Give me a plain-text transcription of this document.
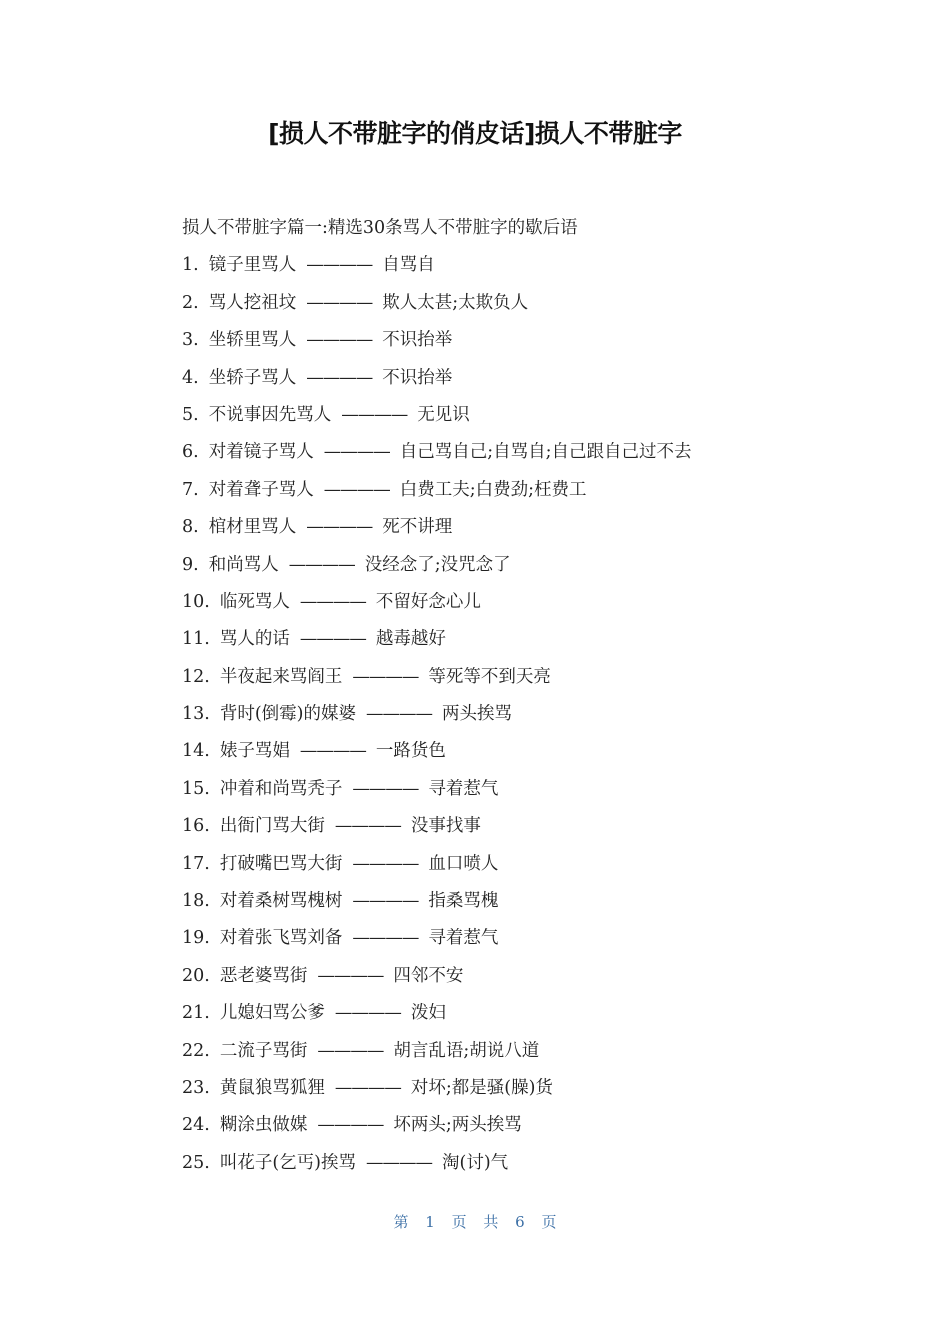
[损人不带脏字的俏皮话]损人不带脏字
损人不带脏字篇一:精选30条骂人不带脏字的歇后语
1. 镜子里骂人 ———— 自骂自
2. 骂人挖祖坟 ———— 欺人太甚;太欺负人
3. 坐轿里骂人 ———— 不识抬举
4. 坐轿子骂人 ———— 不识抬举
5. 不说事因先骂人 ———— 无见识
6. 对着镜子骂人 ———— 自己骂自己;自骂自;自己跟自己过不去
7. 对着聋子骂人 ———— 白费工夫;白费劲;枉费工
8. 棺材里骂人 ———— 死不讲理
9. 和尚骂人 ———— 没经念了;没咒念了
10. 临死骂人 ———— 不留好念心儿
11. 骂人的话 ———— 越毒越好
12. 半夜起来骂阎王 ———— 等死等不到天亮
13. 背时(倒霉)的媒婆 ———— 两头挨骂
14. 婊子骂娼 ———— 一路货色
15. 冲着和尚骂秃子 ———— 寻着惹气
16. 出衙门骂大街 ———— 没事找事
17. 打破嘴巴骂大街 ———— 血口喷人
18. 对着桑树骂槐树 ———— 指桑骂槐
19. 对着张飞骂刘备 ———— 寻着惹气
20. 恶老婆骂街 ———— 四邻不安
21. 儿媳妇骂公爹 ———— 泼妇
22. 二流子骂街 ———— 胡言乱语;胡说八道
23. 黄鼠狼骂狐狸 ———— 对坏;都是骚(臊)货
24. 糊涂虫做媒 ———— 坏两头;两头挨骂
25. 叫花子(乞丐)挨骂 ———— 淘(讨)气
第 1 页 共 6 页
